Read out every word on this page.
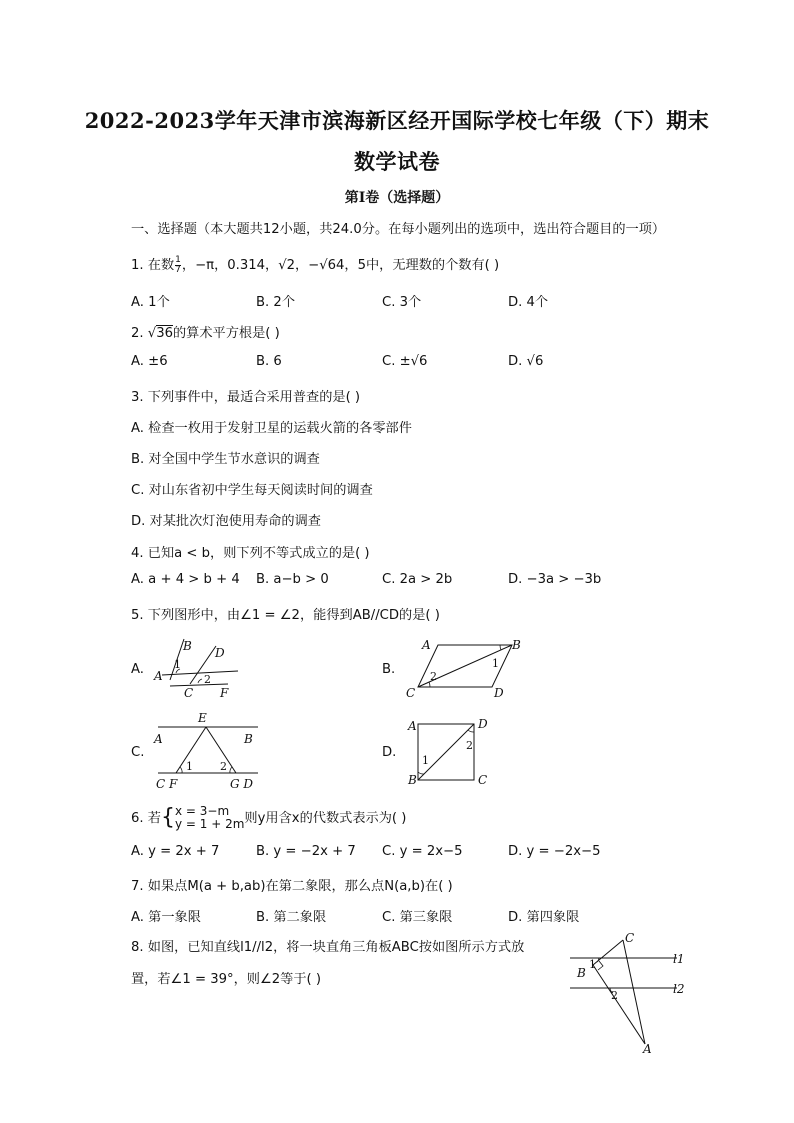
2022-2023学年天津市滨海新区经开国际学校七年级（下）期末
数学试卷
第I卷（选择题）
一、选择题（本大题共12小题，共24.0分。在每小题列出的选项中，选出符合题目的一项）
1. 在数 $\frac{1}{7}$ ，−π，0.314，√2，−√64，5中，无理数的个数有( )
A. 1个	B. 2个	C. 3个	D. 4个
2. √36的算术平方根是( )
A. ±6	B. 6	C. ±√6	D. √6
3. 下列事件中，最适合采用普查的是( )
A. 检查一枚用于发射卫星的运载火箭的各零部件
B. 对全国中学生节水意识的调查
C. 对山东省初中学生每天阅读时间的调查
D. 对某批次灯泡使用寿命的调查
4. 已知a < b，则下列不等式成立的是( )
A. a + 4 > b + 4 B. a−b > 0	C. 2a > 2b	D. −3a > −3b
5. 下列图形中，由∠1 = ∠2，能得到AB//CD的是( )
A.
B D
1
2
A
C F
B.
A	B
1
2
C	D
C.
E
A	B
1 2
C F	G D
D.
A	D
2
1
B	C
6. 若{ x = 3−m
y = 1 + 2m 则y用含x的代数式表示为( )
A. y = 2x + 7	B. y = −2x + 7 C. y = 2x−5	D. y = −2x−5
7. 如果点M(a + b,ab)在第二象限，那么点N(a,b)在( )
A. 第一象限	B. 第二象限	C. 第三象限	D. 第四象限
8. 如图，已知直线l1//l2，将一块直角三角板ABC按如图所示方式放
置，若∠1 = 39°，则∠2等于( )
C
l1
B
1
2	l2
A
